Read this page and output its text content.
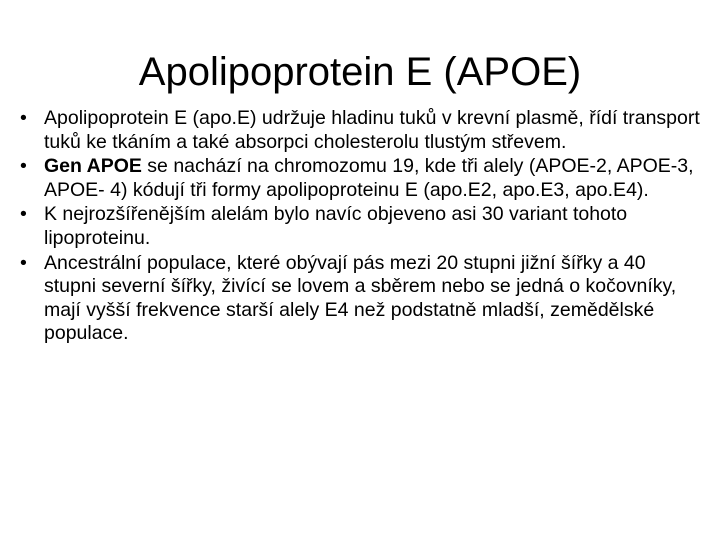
Apolipoprotein E (APOE)
• Apolipoprotein E (apo.E) udržuje hladinu tuků v krevní plasmě, řídí transport tuků ke tkáním a také absorpci cholesterolu tlustým střevem.
• Gen APOE se nachází na chromozomu 19, kde tři alely (APOE-2, APOE-3, APOE- 4) kódují tři formy apolipoproteinu E (apo.E2, apo.E3, apo.E4).
• K nejrozšířenějším alelám bylo navíc objeveno asi 30 variant tohoto lipoproteinu.
• Ancestrální populace, které obývají pás mezi 20 stupni jižní šířky a 40 stupni severní šířky, živící se lovem a sběrem nebo se jedná o kočovníky, mají vyšší frekvence starší alely E4 než podstatně mladší, zemědělské populace.
